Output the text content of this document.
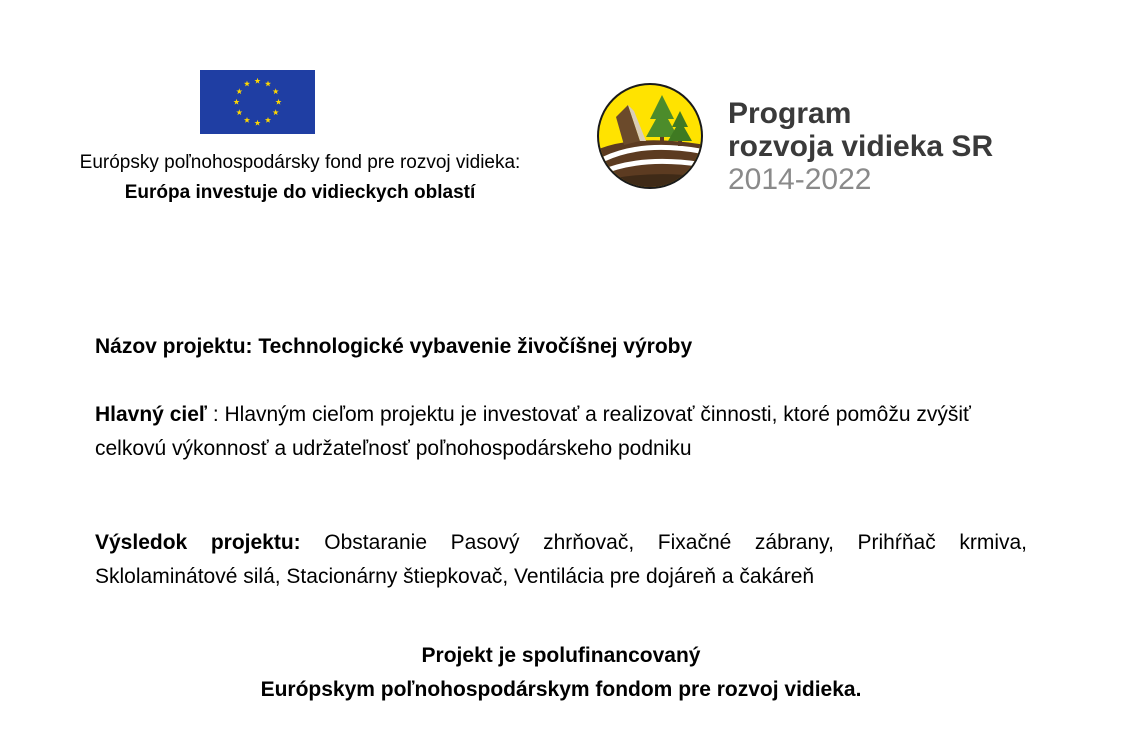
Európsky poľnohospodársky fond pre rozvoj vidieka:
Európa investuje do vidieckych oblastí
Program
rozvoja vidieka SR
2014-2022
Názov projektu: Technologické vybavenie živočíšnej výroby
Hlavný cieľ : Hlavným cieľom projektu je investovať a realizovať činnosti, ktoré pomôžu zvýšiť celkovú výkonnosť a udržateľnosť poľnohospodárskeho podniku
Výsledok projektu: Obstaranie Pasový zhrňovač, Fixačné zábrany, Prihŕňač krmiva, Sklolaminátové silá, Stacionárny štiepkovač, Ventilácia pre dojáreň a čakáreň
Projekt je spolufinancovaný
Európskym poľnohospodárskym fondom pre rozvoj vidieka.
